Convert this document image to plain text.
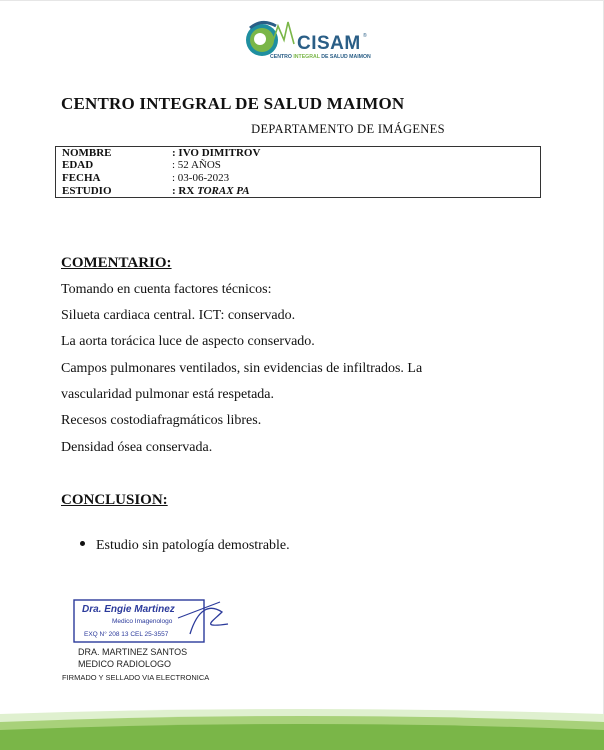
CISAM ®
CENTRO INTEGRAL DE SALUD MAIMON
CENTRO INTEGRAL DE SALUD MAIMON
DEPARTAMENTO DE IMÁGENES
NOMBRE	: IVO DIMITROV
EDAD	: 52 AÑOS
FECHA	: 03-06-2023
ESTUDIO	: RX TORAX PA
COMENTARIO:
Tomando en cuenta factores técnicos:
Silueta cardiaca central. ICT: conservado.
La aorta torácica luce de aspecto conservado.
Campos pulmonares ventilados, sin evidencias de infiltrados. La
vascularidad pulmonar está respetada.
Recesos costodiafragmáticos libres.
Densidad ósea conservada.
CONCLUSION:
Estudio sin patología demostrable.
Dra. Engie Martinez
Medico Imagenologo
EXQ N° 208 13 CEL 25-3557
DRA. MARTINEZ SANTOS
MEDICO RADIOLOGO
FIRMADO Y SELLADO VIA ELECTRONICA
